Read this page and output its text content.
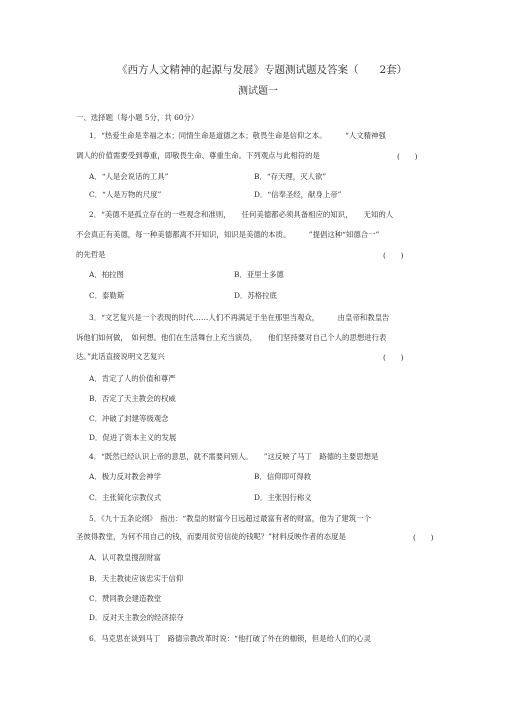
《西方人文精神的起源与发展》专题测试题及答案（　　2套）
测试题一
一、选择题（每小题 5分，共 60分）
1．“热爱生命是幸福之本；同情生命是道德之本；敬畏生命是信仰之本。　　　“人文精神强
调人的价值需要受到尊重，即敬畏生命、尊重生命。下列观点与此相符的是	(　　)
A．“人是会说话的工具”	B．“存天理，灭人欲”
C．“人是万物的尺度”	D．“信奉圣经，献身上帝”
2．“美德不是孤立存在的一些观念和准则，　　任何美德都必须具备相应的知识，　　无知的人
不会真正有美德，每一种美德都离不开知识，知识是美德的本质。　　　”提倡这种“知德合一”
的先哲是	(　　)
A．柏拉图	B．亚里士多德
C．泰勒斯	D．苏格拉底
3．“文艺复兴是一个表现的时代……人们不再满足于坐在那里当观众，　　　由皇帝和教皇告
诉他们如何做，　如何想。他们在生活舞台上充当演员，　　他们坚持要对自己个人的思想进行表
达。”此话直接说明文艺复兴	(　　)
A．肯定了人的价值和尊严
B．否定了天主教会的权威
C．冲破了封建等级观念
D．促进了资本主义的发展
4．“既然已经认识上帝的意思，就不需要问别人。　　”这反映了马丁　路德的主要思想是
A．极力反对教会神学	B．信仰即可得救
C．主张简化宗教仪式	D．主张因行称义
5．《九十五条论纲》　指出：“教皇的财富今日远超过最富有者的财富，他为了建筑一个
圣彼得教堂，为何不用自己的钱，而要用贫穷信徒的钱呢？”材料反映作者的态度是	(　　)
A．认可教皇搜刮财富
B．天主教徒应该忠实于信仰
C．赞同教会建造教堂
D．反对天主教会的经济掠夺
6．马克思在谈到马丁　路德宗教改革时说：“他打破了外在的枷锁，但是给人们的心灵
